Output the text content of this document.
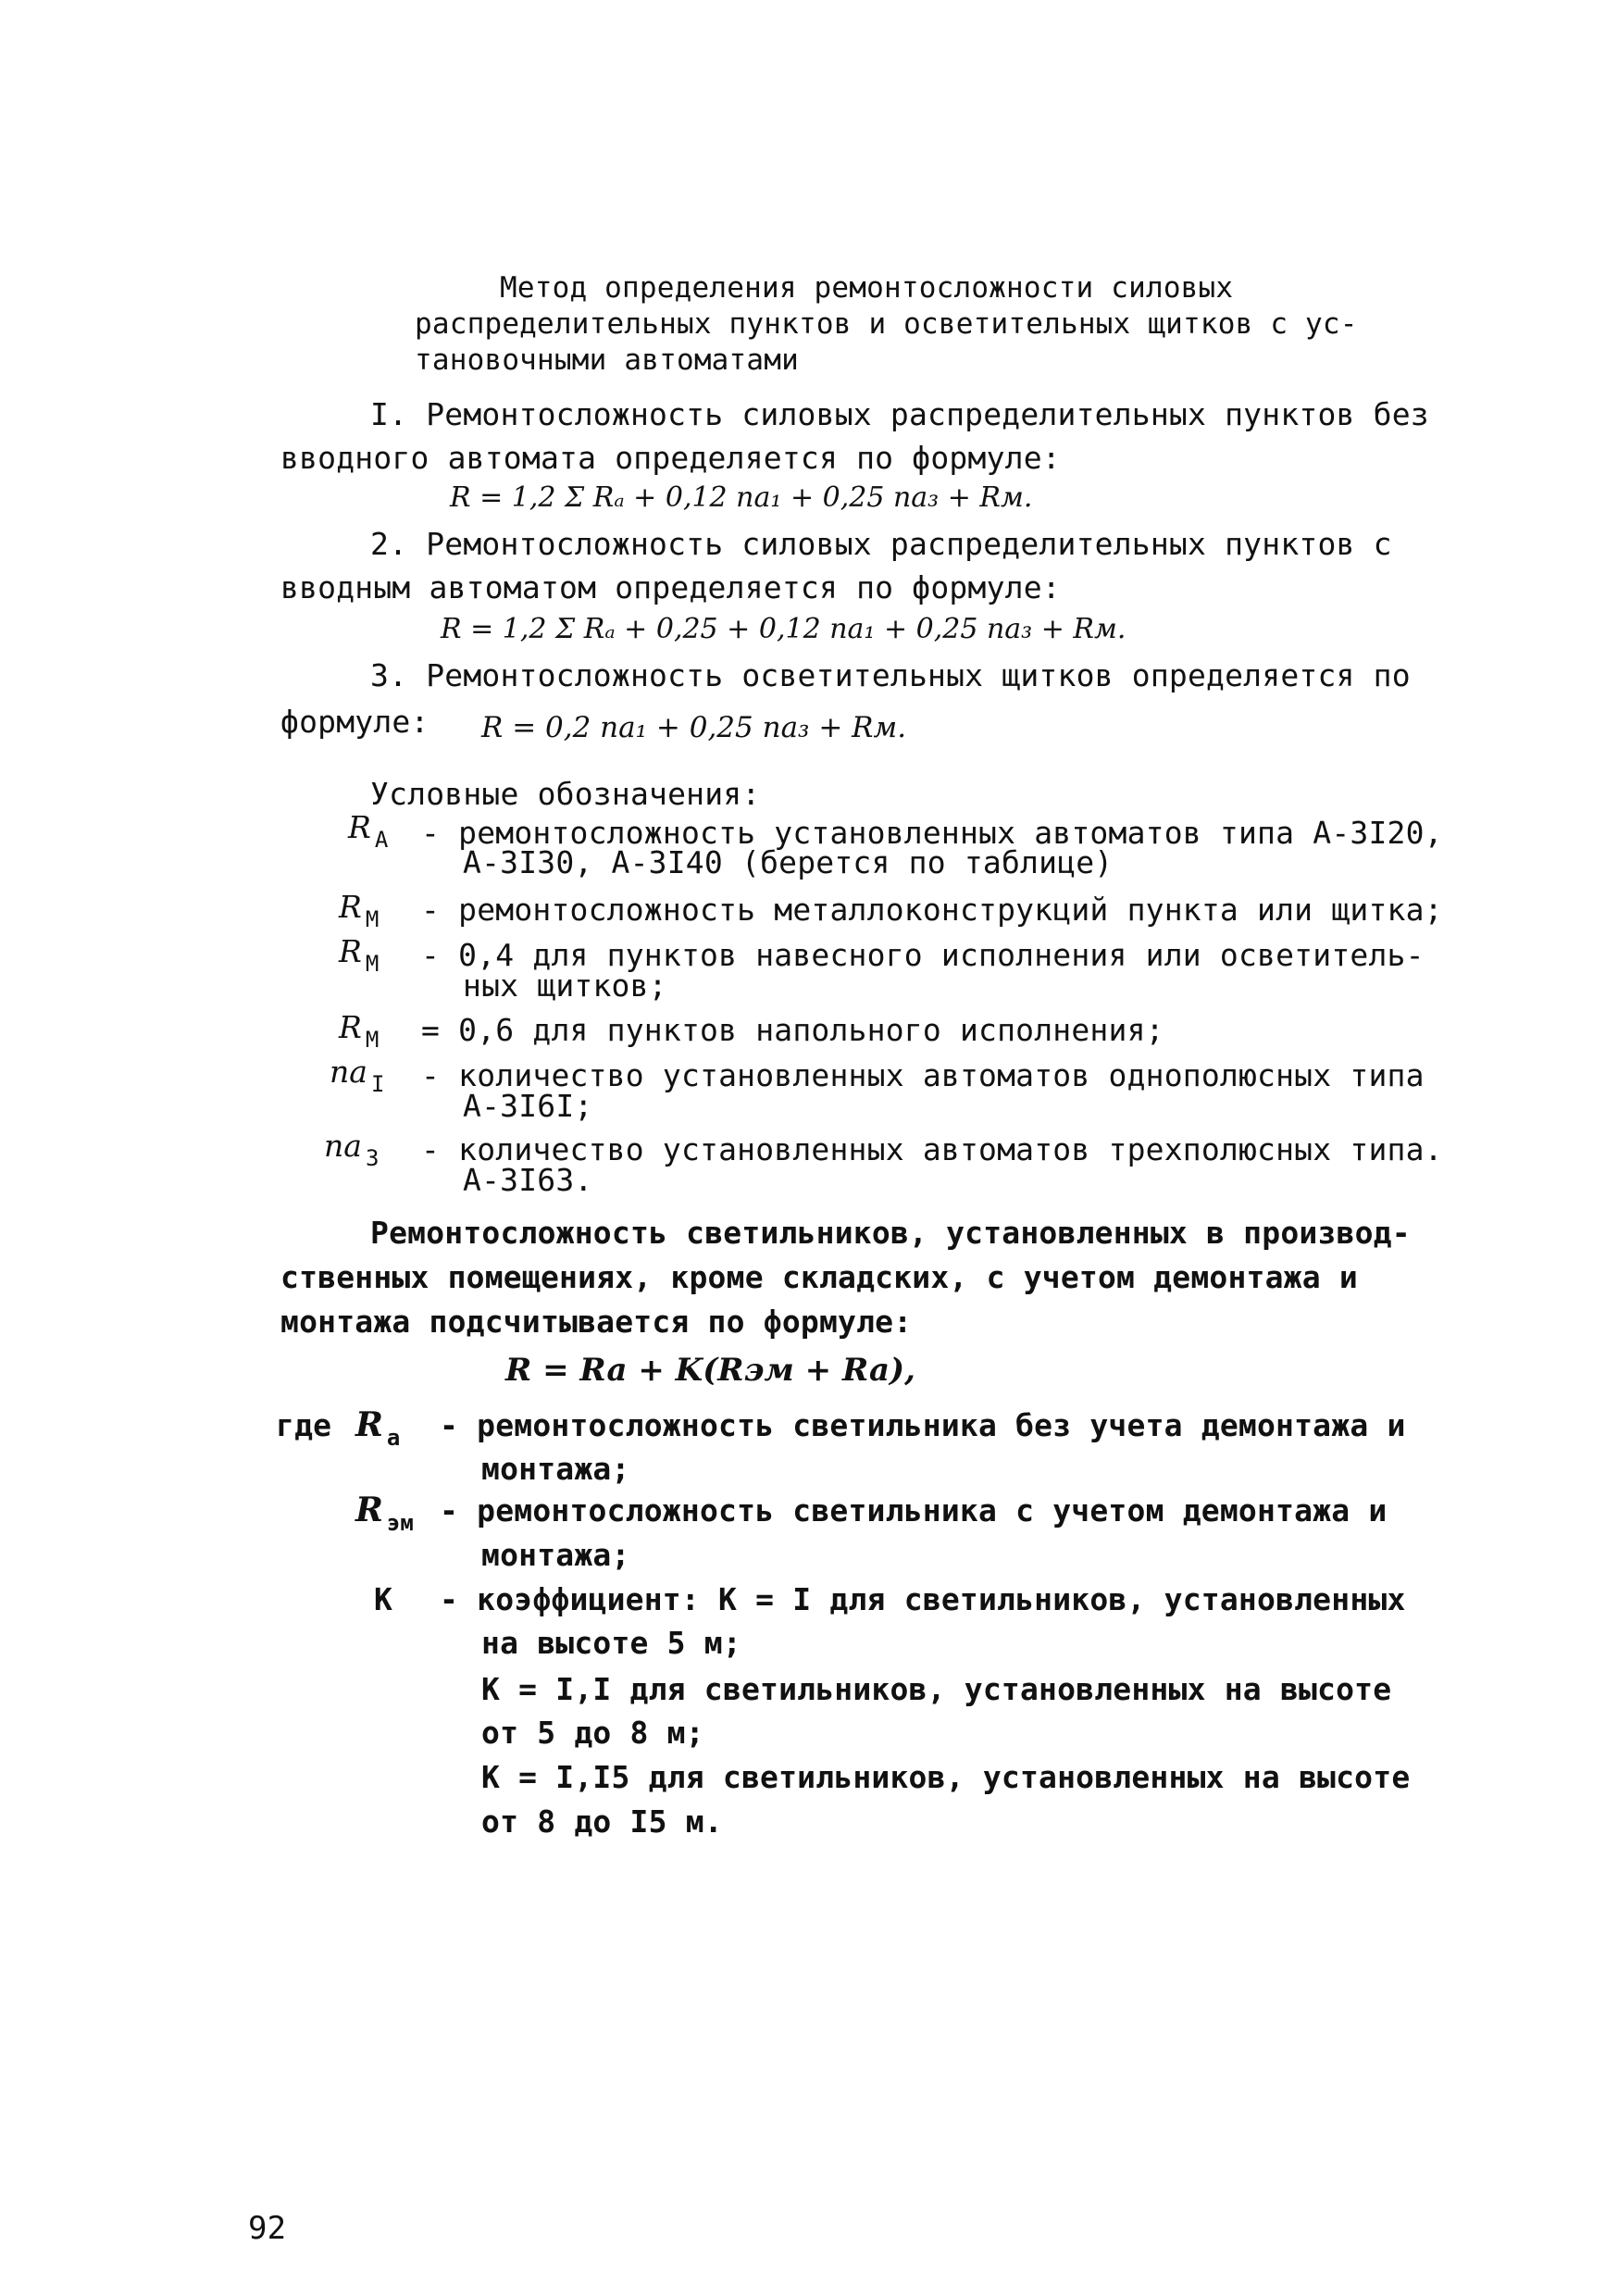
Метод определения ремонтосложности силовых
распределительных пунктов и осветительных щитков с ус-
тановочными автоматами
I. Ремонтосложность силовых распределительных пунктов без
вводного автомата определяется по формуле:
R = 1,2 Σ Rₐ + 0,12 na₁ + 0,25 na₃ + Rм.
2. Ремонтосложность силовых распределительных пунктов с
вводным автоматом определяется по формуле:
R = 1,2 Σ Rₐ + 0,25 + 0,12 na₁ + 0,25 na₃ + Rм.
3. Ремонтосложность осветительных щитков определяется по
формуле: R = 0,2 na₁ + 0,25 na₃ + Rм.
Условные обозначения:
R $_A$ - ремонтосложность установленных автоматов типа А-3I20,
А-3I30, А-3I40 (берется по таблице)
R $_M$ - ремонтосложность металлоконструкций пункта или щитка;
R $_M$ - 0,4 для пунктов навесного исполнения или осветитель-
ных щитков;
R $_M$ = 0,6 для пунктов напольного исполнения;
na $_I$ - количество установленных автоматов однополюсных типа
А-3I6I;
na $_3$ - количество установленных автоматов трехполюсных типа.
А-3I63.
Ремонтосложность светильников, установленных в производ-
ственных помещениях, кроме складских, с учетом демонтажа и
монтажа подсчитывается по формуле:
R = Ra + K(Rэм + Ra),
где R $_a$ - ремонтосложность светильника без учета демонтажа и
монтажа;
R $_{эм}$ - ремонтосложность светильника с учетом демонтажа и
монтажа;
К - коэффициент: К = I для светильников, установленных
на высоте 5 м;
К = I,I для светильников, установленных на высоте
от 5 до 8 м;
К = I,I5 для светильников, установленных на высоте
от 8 до I5 м.
92
